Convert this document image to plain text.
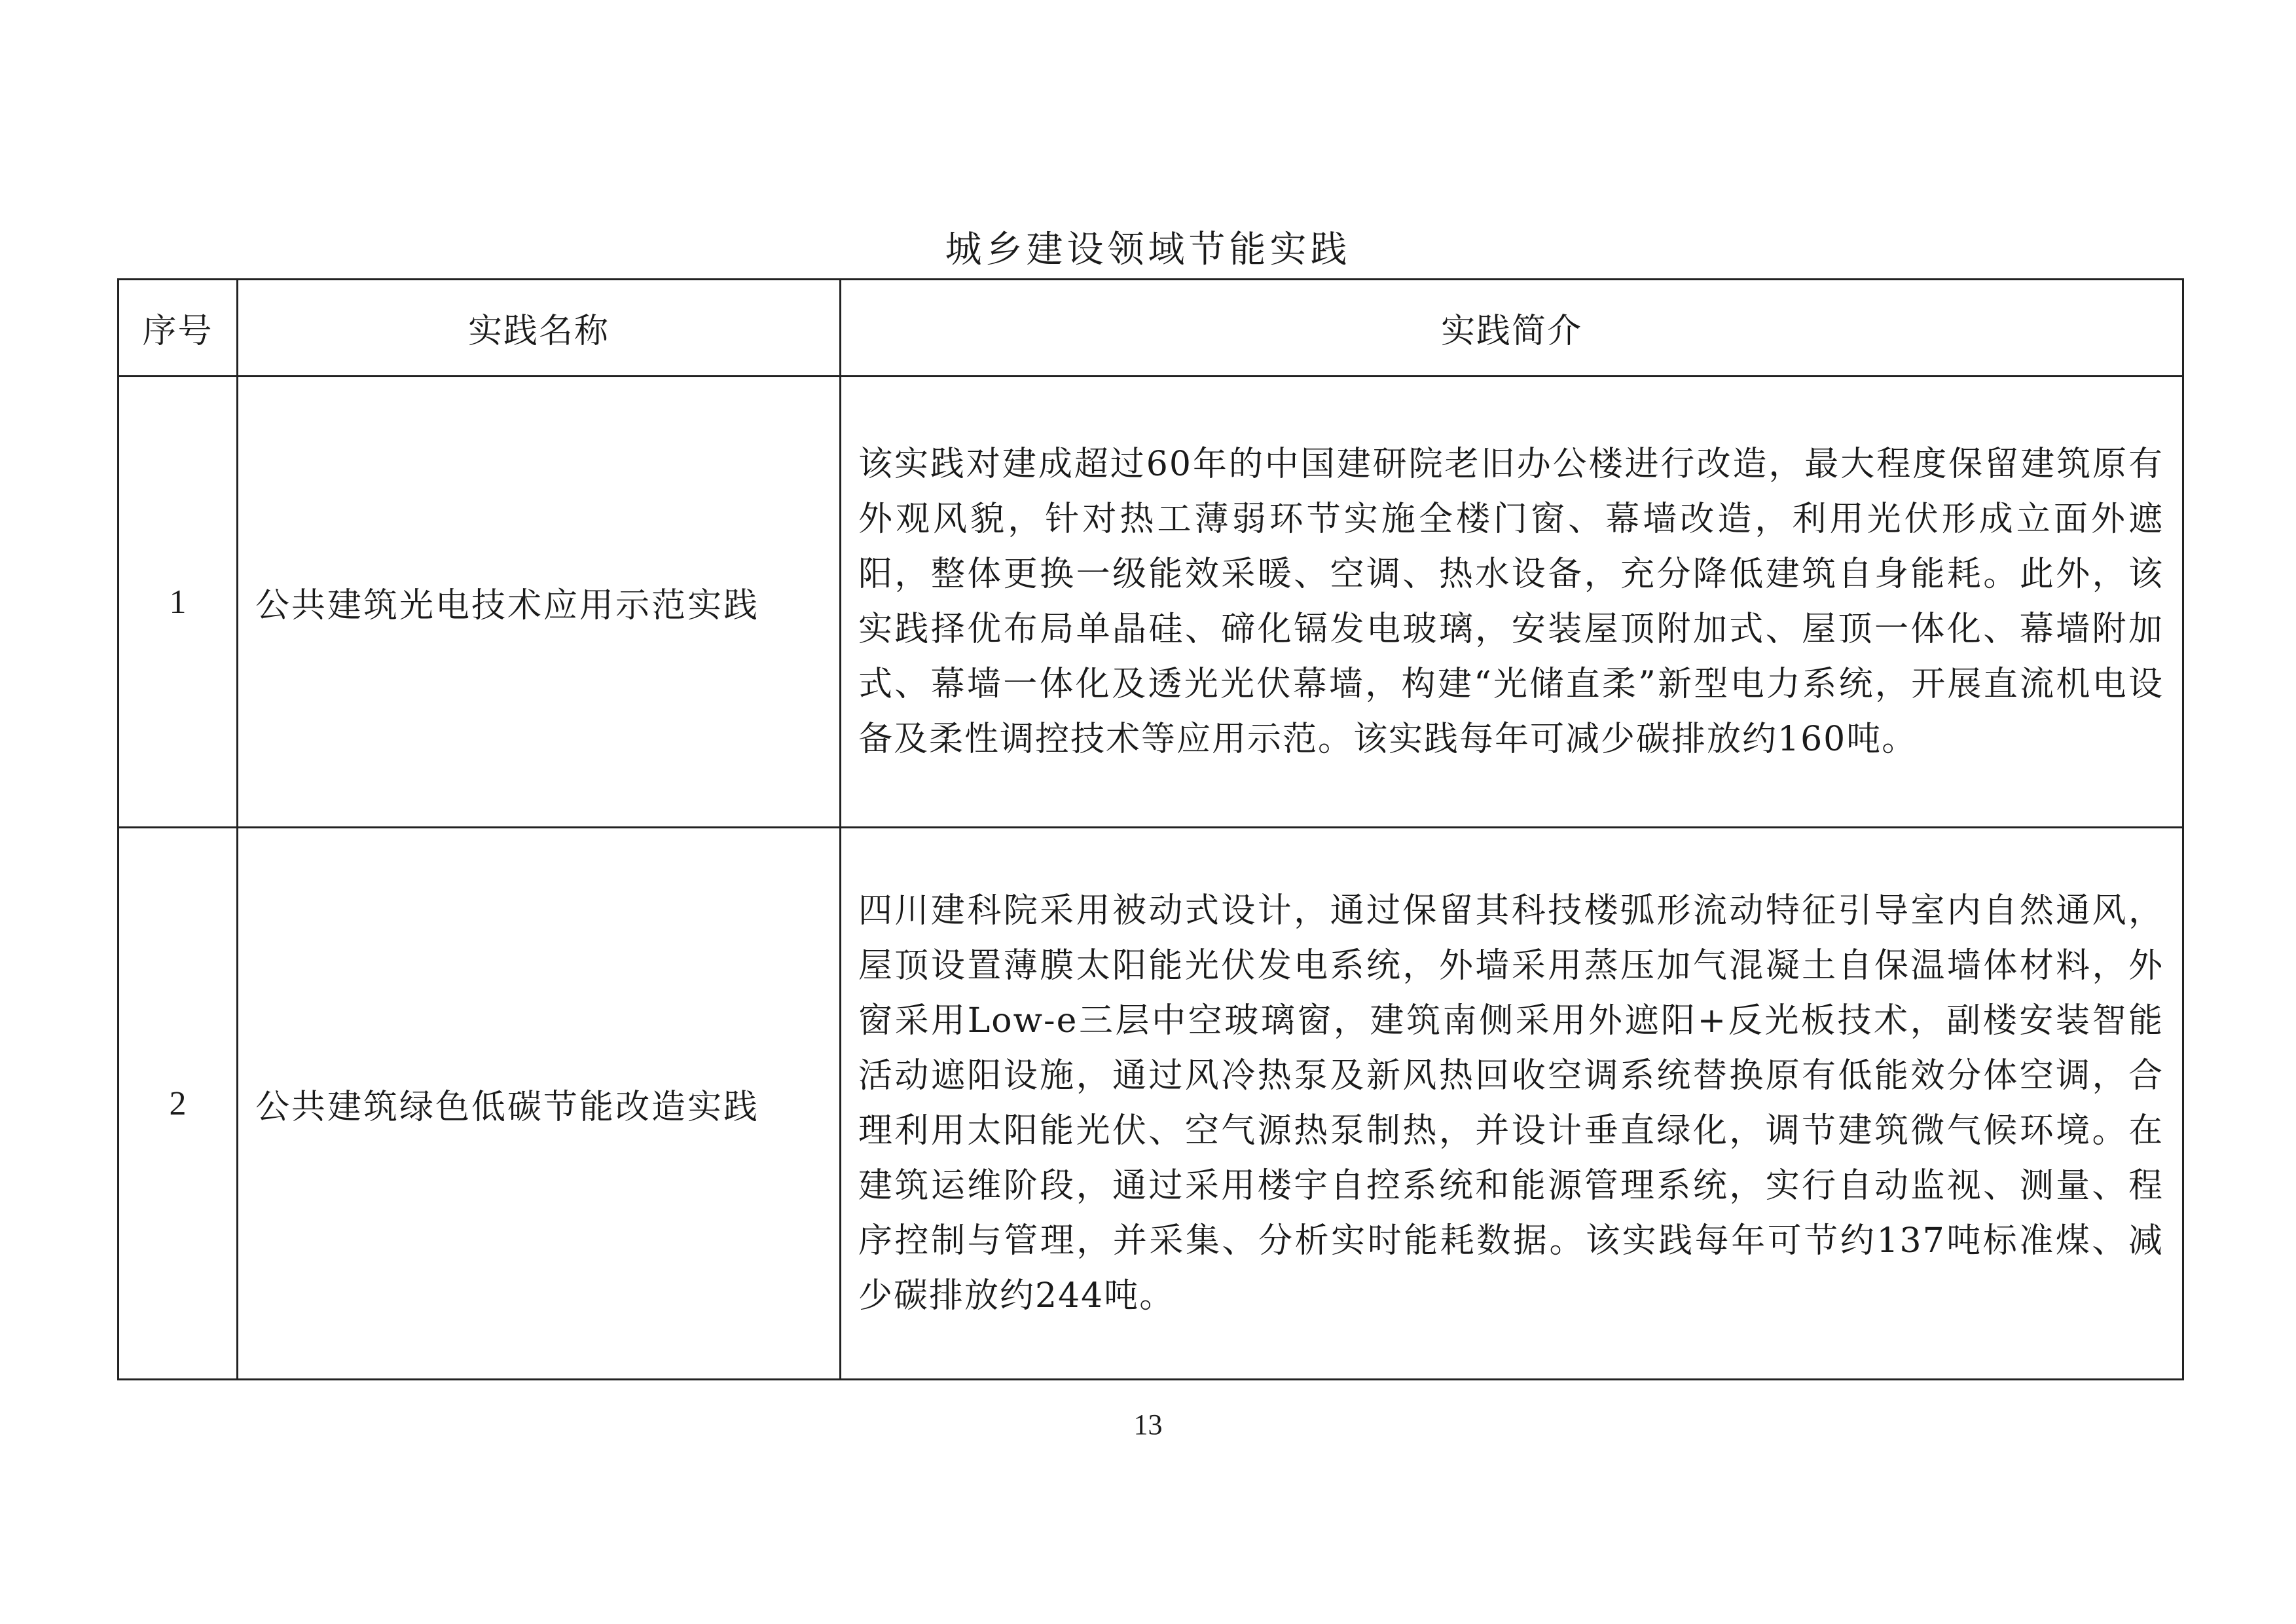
城乡建设领域节能实践
序号	实践名称	实践简介
1	公共建筑光电技术应用示范实践	该实践对建成超过60年的中国建研院老旧办公楼进行改造，最大程度保留建筑原有外观风貌，针对热工薄弱环节实施全楼门窗、幕墙改造，利用光伏形成立面外遮阳，整体更换一级能效采暖、空调、热水设备，充分降低建筑自身能耗。此外，该实践择优布局单晶硅、碲化镉发电玻璃，安装屋顶附加式、屋顶一体化、幕墙附加式、幕墙一体化及透光光伏幕墙，构建“光储直柔”新型电力系统，开展直流机电设备及柔性调控技术等应用示范。该实践每年可减少碳排放约160吨。

2	公共建筑绿色低碳节能改造实践	四川建科院采用被动式设计，通过保留其科技楼弧形流动特征引导室内自然通风，屋顶设置薄膜太阳能光伏发电系统，外墙采用蒸压加气混凝土自保温墙体材料，外窗采用Low-e三层中空玻璃窗，建筑南侧采用外遮阳+反光板技术，副楼安装智能活动遮阳设施，通过风冷热泵及新风热回收空调系统替换原有低能效分体空调，合理利用太阳能光伏、空气源热泵制热，并设计垂直绿化，调节建筑微气候环境。在建筑运维阶段，通过采用楼宇自控系统和能源管理系统，实行自动监视、测量、程序控制与管理，并采集、分析实时能耗数据。该实践每年可节约137吨标准煤、减少碳排放约244吨。
13
